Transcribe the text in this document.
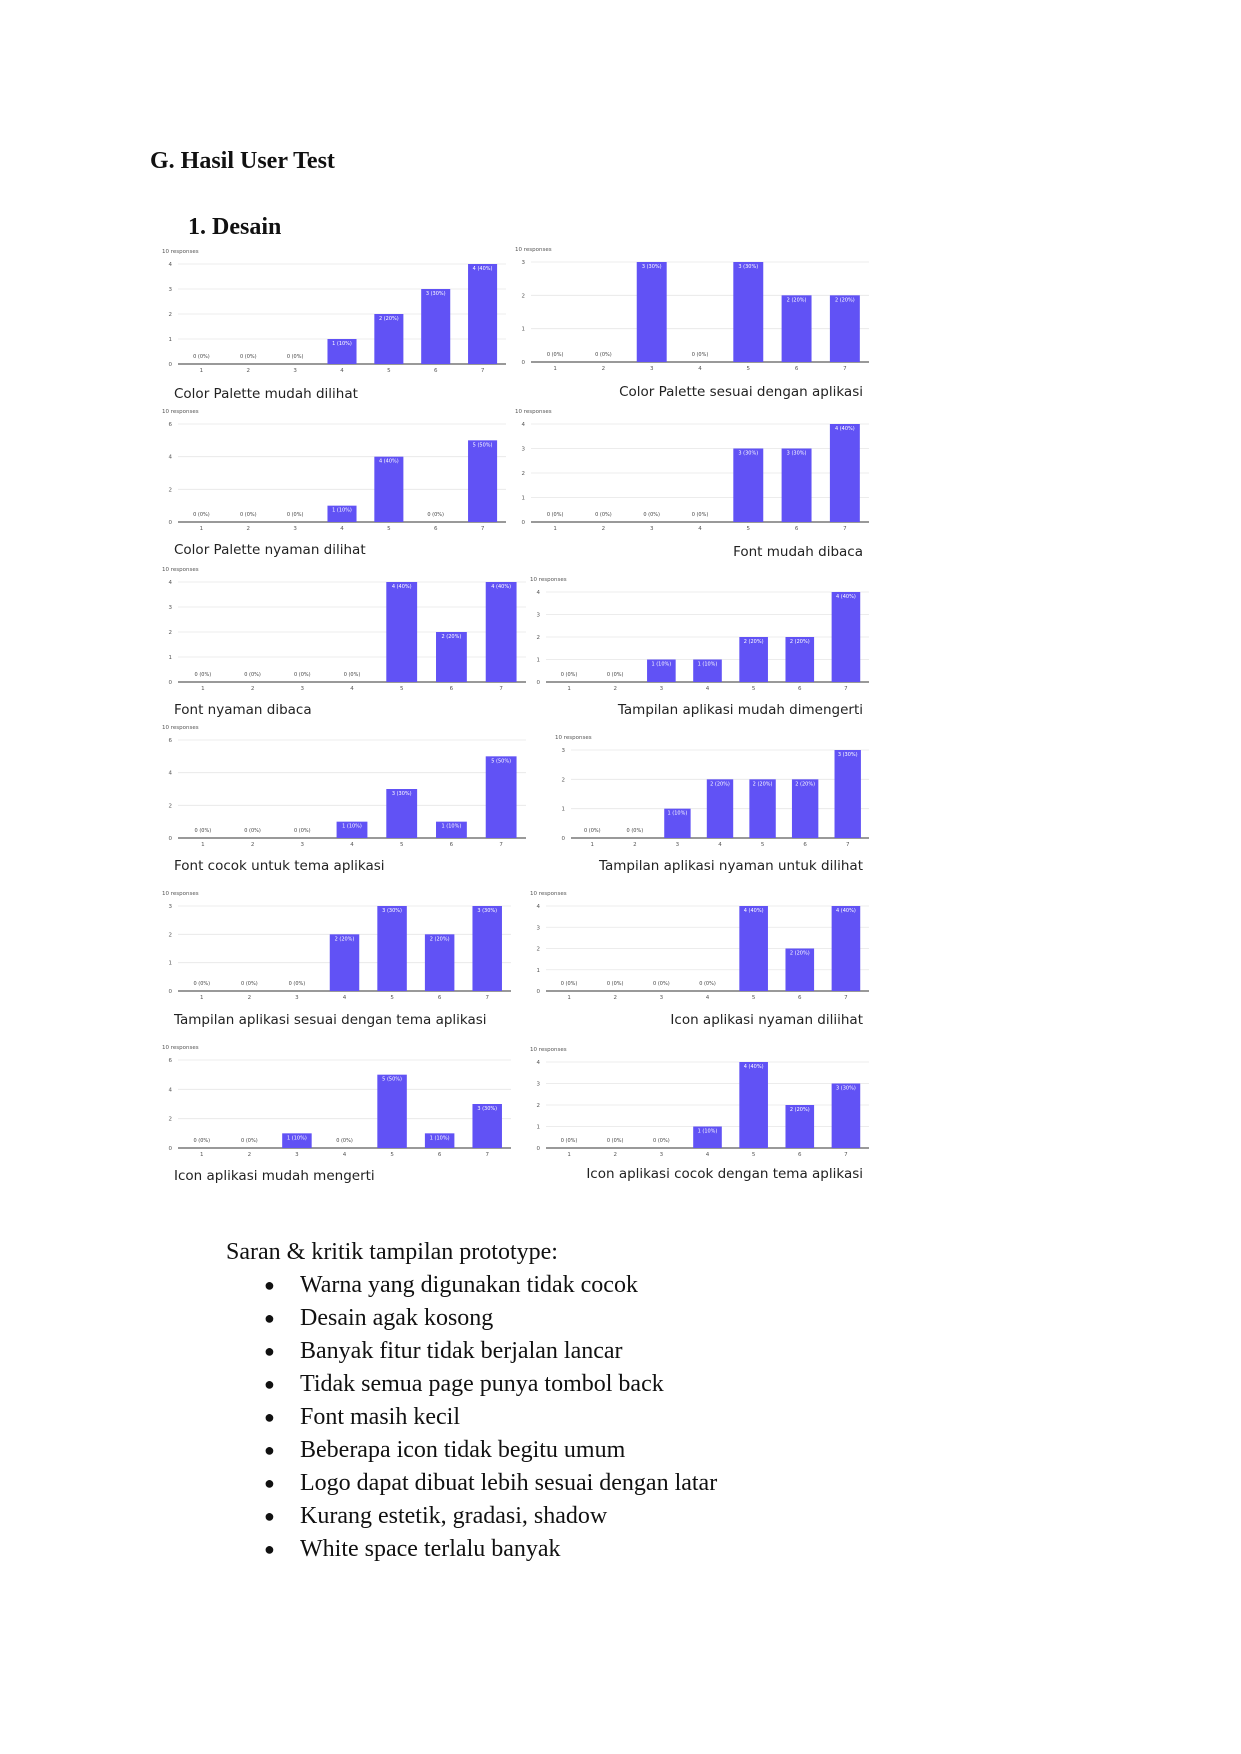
G. Hasil User Test
1. Desain
10 responses
0
1
2
3
4
0 (0%)
1
0 (0%)
2
0 (0%)
3
1 (10%)
4
2 (20%)
5
3 (30%)
6
4 (40%)
7
Color Palette mudah dilihat
10 responses
0
1
2
3
0 (0%)
1
0 (0%)
2
3 (30%)
3
0 (0%)
4
3 (30%)
5
2 (20%)
6
2 (20%)
7
Color Palette sesuai dengan aplikasi
10 responses
0
2
4
6
0 (0%)
1
0 (0%)
2
0 (0%)
3
1 (10%)
4
4 (40%)
5
0 (0%)
6
5 (50%)
7
Color Palette nyaman dilihat
10 responses
0
1
2
3
4
0 (0%)
1
0 (0%)
2
0 (0%)
3
0 (0%)
4
3 (30%)
5
3 (30%)
6
4 (40%)
7
Font mudah dibaca
10 responses
0
1
2
3
4
0 (0%)
1
0 (0%)
2
0 (0%)
3
0 (0%)
4
4 (40%)
5
2 (20%)
6
4 (40%)
7
Font nyaman dibaca
10 responses
0
1
2
3
4
0 (0%)
1
0 (0%)
2
1 (10%)
3
1 (10%)
4
2 (20%)
5
2 (20%)
6
4 (40%)
7
Tampilan aplikasi mudah dimengerti
10 responses
0
2
4
6
0 (0%)
1
0 (0%)
2
0 (0%)
3
1 (10%)
4
3 (30%)
5
1 (10%)
6
5 (50%)
7
Font cocok untuk tema aplikasi
10 responses
0
1
2
3
0 (0%)
1
0 (0%)
2
1 (10%)
3
2 (20%)
4
2 (20%)
5
2 (20%)
6
3 (30%)
7
Tampilan aplikasi nyaman untuk dilihat
10 responses
0
1
2
3
0 (0%)
1
0 (0%)
2
0 (0%)
3
2 (20%)
4
3 (30%)
5
2 (20%)
6
3 (30%)
7
Tampilan aplikasi sesuai dengan tema aplikasi
10 responses
0
1
2
3
4
0 (0%)
1
0 (0%)
2
0 (0%)
3
0 (0%)
4
4 (40%)
5
2 (20%)
6
4 (40%)
7
Icon aplikasi nyaman diliihat
10 responses
0
2
4
6
0 (0%)
1
0 (0%)
2
1 (10%)
3
0 (0%)
4
5 (50%)
5
1 (10%)
6
3 (30%)
7
Icon aplikasi mudah mengerti
10 responses
0
1
2
3
4
0 (0%)
1
0 (0%)
2
0 (0%)
3
1 (10%)
4
4 (40%)
5
2 (20%)
6
3 (30%)
7
Icon aplikasi cocok dengan tema aplikasi

Saran & kritik tampilan prototype:

● Warna yang digunakan tidak cocok
● Desain agak kosong
● Banyak fitur tidak berjalan lancar
● Tidak semua page punya tombol back
● Font masih kecil
● Beberapa icon tidak begitu umum
● Logo dapat dibuat lebih sesuai dengan latar
● Kurang estetik, gradasi, shadow
● White space terlalu banyak
